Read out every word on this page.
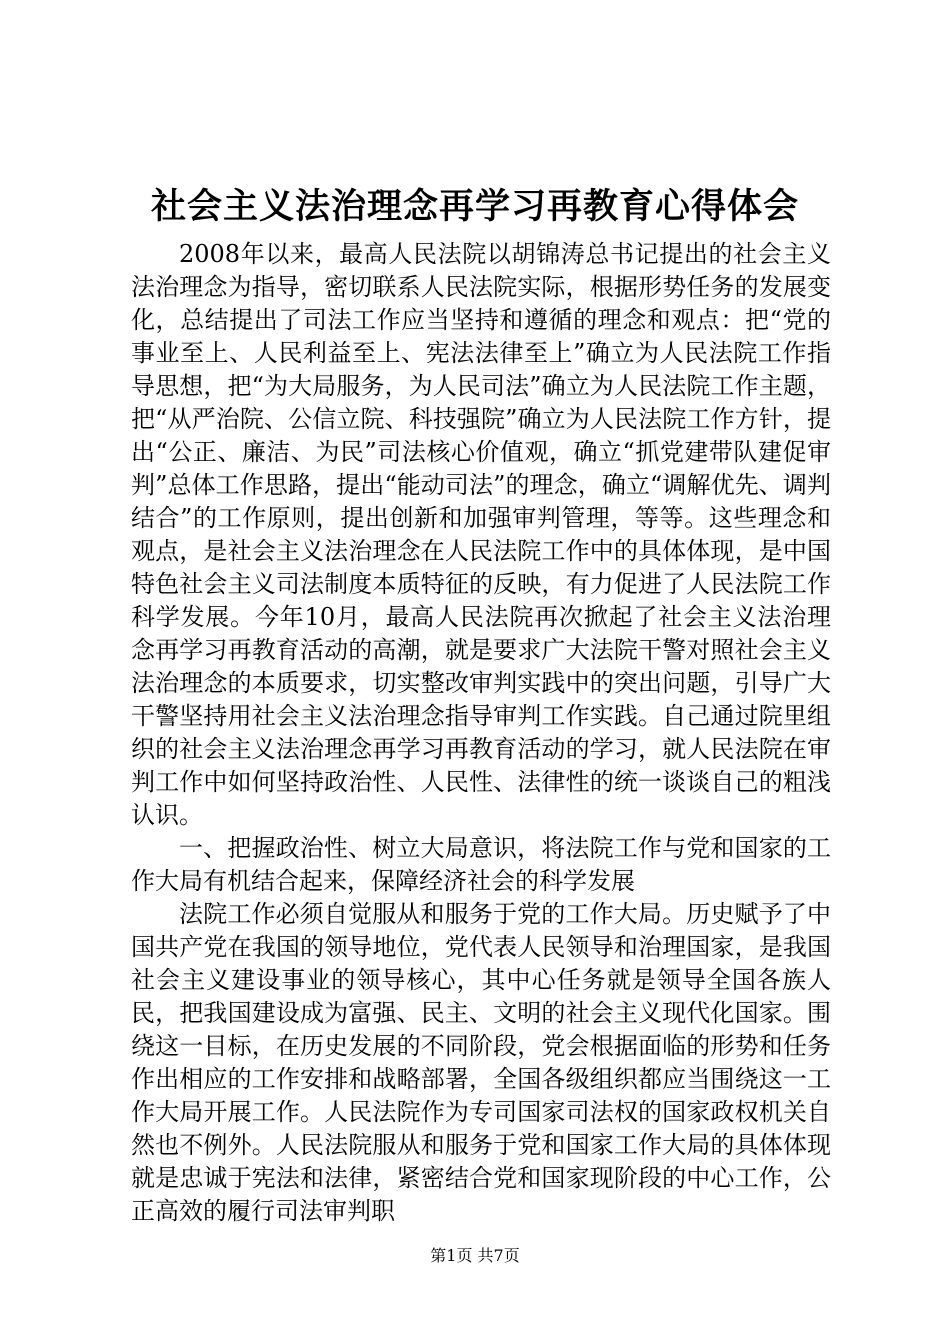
社会主义法治理念再学习再教育心得体会

2008年以来，最高人民法院以胡锦涛总书记提出的社会主义法治理念为指导，密切联系人民法院实际，根据形势任务的发展变化，总结提出了司法工作应当坚持和遵循的理念和观点：把“党的事业至上、人民利益至上、宪法法律至上”确立为人民法院工作指导思想，把“为大局服务，为人民司法”确立为人民法院工作主题，把“从严治院、公信立院、科技强院”确立为人民法院工作方针，提出“公正、廉洁、为民”司法核心价值观，确立“抓党建带队建促审判”总体工作思路，提出“能动司法”的理念，确立“调解优先、调判结合”的工作原则，提出创新和加强审判管理，等等。这些理念和观点，是社会主义法治理念在人民法院工作中的具体体现，是中国特色社会主义司法制度本质特征的反映，有力促进了人民法院工作科学发展。今年10月，最高人民法院再次掀起了社会主义法治理念再学习再教育活动的高潮，就是要求广大法院干警对照社会主义法治理念的本质要求，切实整改审判实践中的突出问题，引导广大干警坚持用社会主义法治理念指导审判工作实践。自己通过院里组织的社会主义法治理念再学习再教育活动的学习，就人民法院在审判工作中如何坚持政治性、人民性、法律性的统一谈谈自己的粗浅认识。

一、把握政治性、树立大局意识，将法院工作与党和国家的工作大局有机结合起来，保障经济社会的科学发展

法院工作必须自觉服从和服务于党的工作大局。历史赋予了中国共产党在我国的领导地位，党代表人民领导和治理国家，是我国社会主义建设事业的领导核心，其中心任务就是领导全国各族人民，把我国建设成为富强、民主、文明的社会主义现代化国家。围绕这一目标，在历史发展的不同阶段，党会根据面临的形势和任务作出相应的工作安排和战略部署，全国各级组织都应当围绕这一工作大局开展工作。人民法院作为专司国家司法权的国家政权机关自然也不例外。人民法院服从和服务于党和国家工作大局的具体体现就是忠诚于宪法和法律，紧密结合党和国家现阶段的中心工作，公正高效的履行司法审判职

第1页 共7页
